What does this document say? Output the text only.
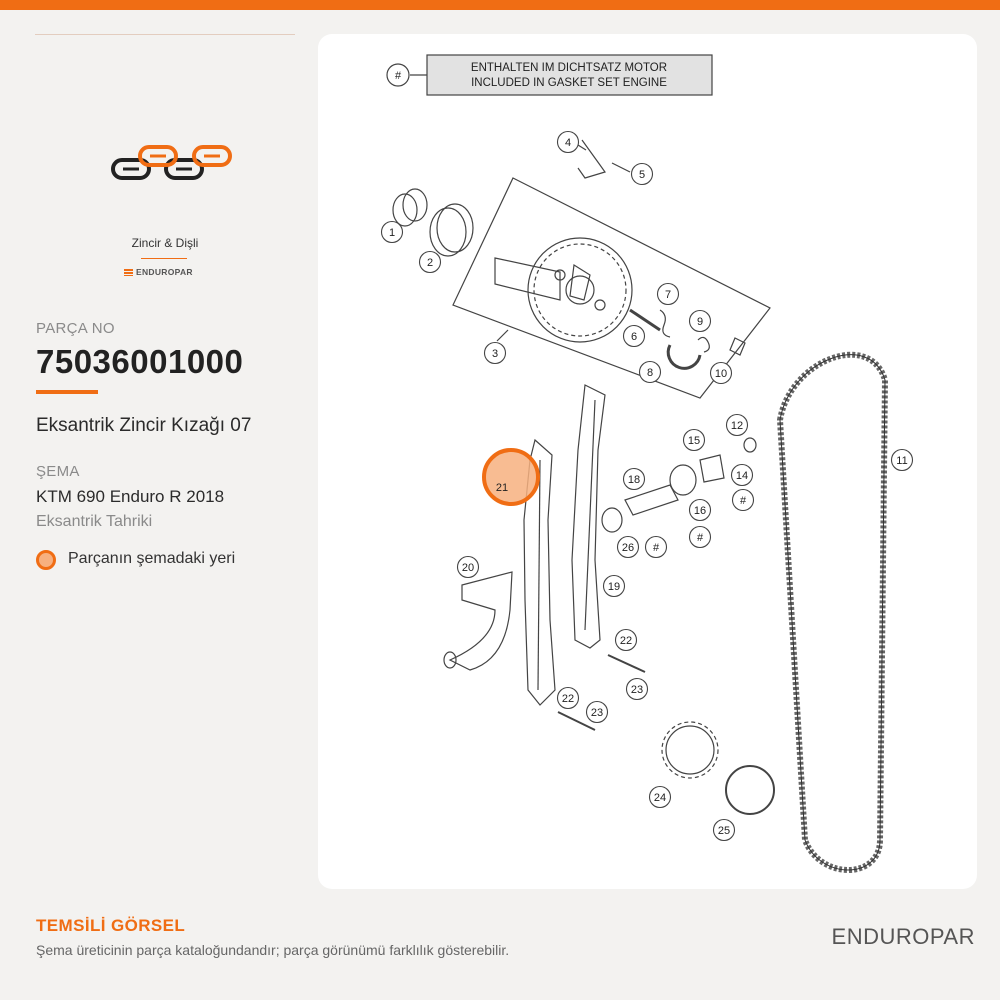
Zincir & Dişli
ENDUROPAR
PARÇA NO
75036001000
Eksantrik Zincir Kızağı 07
ŞEMA
KTM 690 Enduro R 2018
Eksantrik Tahriki
Parçanın şemadaki yeri
#
ENTHALTEN IM DICHTSATZ MOTOR
INCLUDED IN GASKET SET ENGINE
1
2
3
4
5
6
7
8
9
10
11
12
14
15
16
18
19
20
21
22
22
23
23
24
25
26 #
#
#
TEMSİLİ GÖRSEL
Şema üreticinin parça kataloğundandır; parça görünümü farklılık gösterebilir.
ENDUROPAR
